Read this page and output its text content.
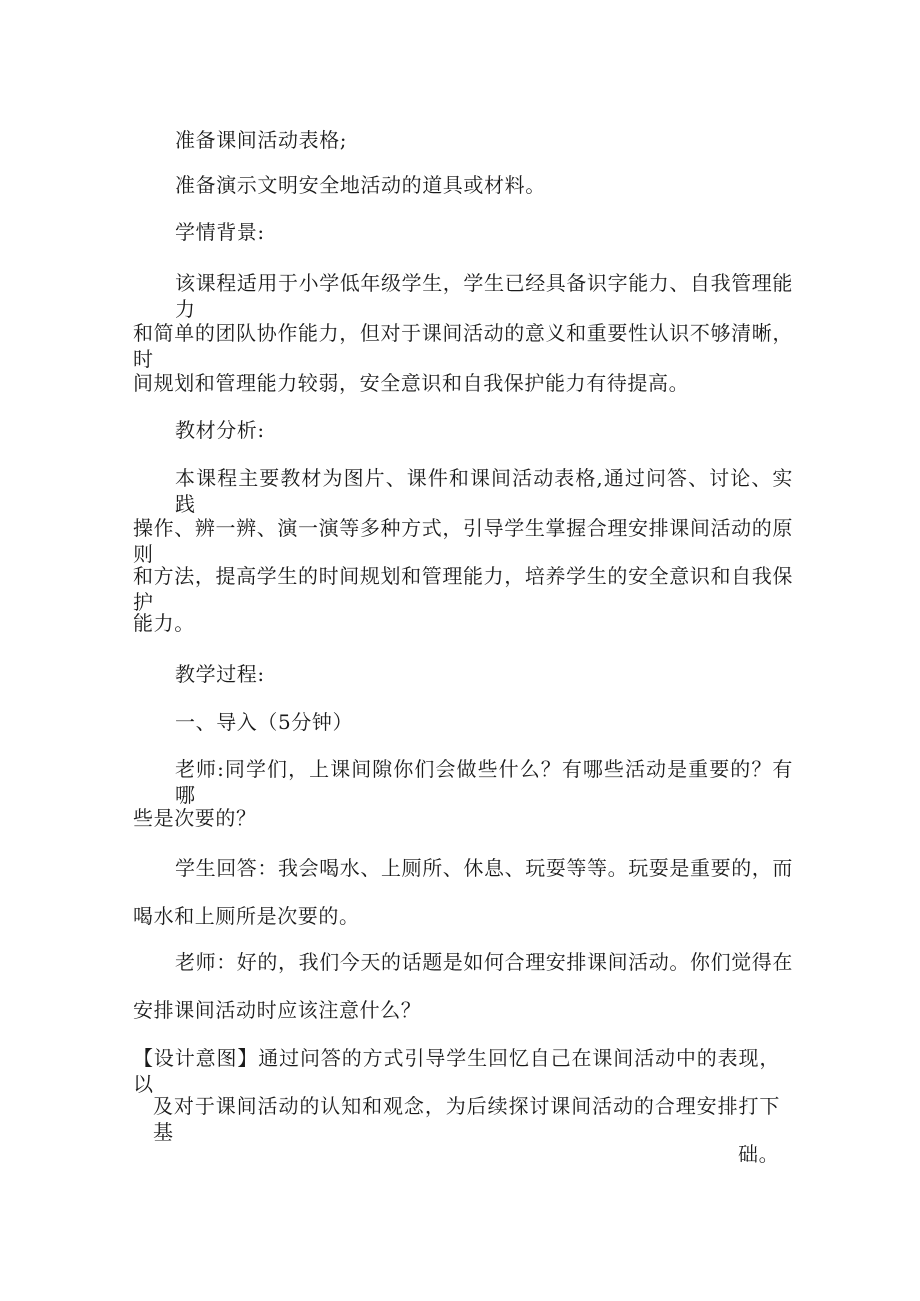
准备课间活动表格;
准备演示文明安全地活动的道具或材料。
学情背景:
该课程适用于小学低年级学生，学生已经具备识字能力、自我管理能力
和简单的团队协作能力，但对于课间活动的意义和重要性认识不够清晰，时
间规划和管理能力较弱，安全意识和自我保护能力有待提高。
教材分析:
本课程主要教材为图片、课件和课间活动表格,通过问答、讨论、实践
操作、辨一辨、演一演等多种方式，引导学生掌握合理安排课间活动的原则
和方法，提高学生的时间规划和管理能力，培养学生的安全意识和自我保护
能力。
教学过程:
一、导入（5分钟）
老师:同学们，上课间隙你们会做些什么？有哪些活动是重要的？有哪
些是次要的？
学生回答：我会喝水、上厕所、休息、玩耍等等。玩耍是重要的，而
喝水和上厕所是次要的。
老师：好的，我们今天的话题是如何合理安排课间活动。你们觉得在
安排课间活动时应该注意什么？
【设计意图】通过问答的方式引导学生回忆自己在课间活动中的表现，以
及对于课间活动的认知和观念，为后续探讨课间活动的合理安排打下基
础。
